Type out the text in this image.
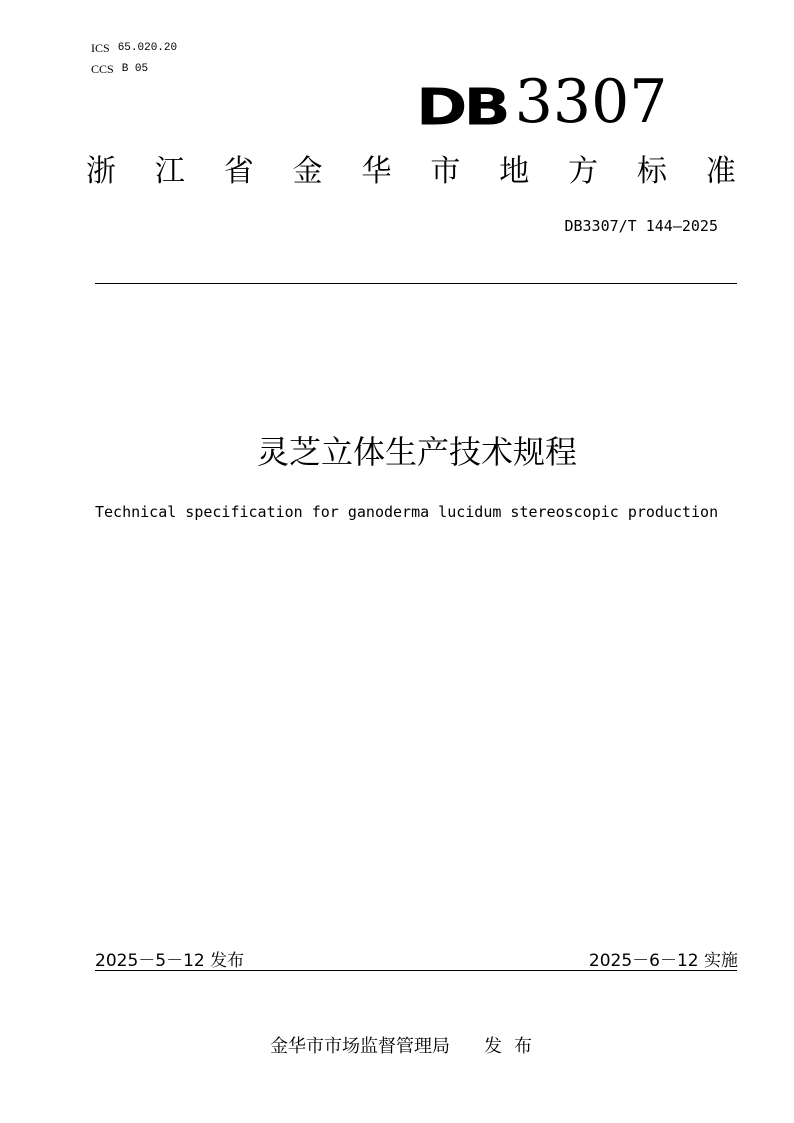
ICS 65.020.20
CCS B 05
DB 3307
浙 江 省 金 华 市 地 方 标 准
DB3307/T 144—2025
灵芝立体生产技术规程
Technical specification for ganoderma lucidum stereoscopic production
2025－5－12 发布	2025－6－12 实施
金华市市场监督管理局 发布
